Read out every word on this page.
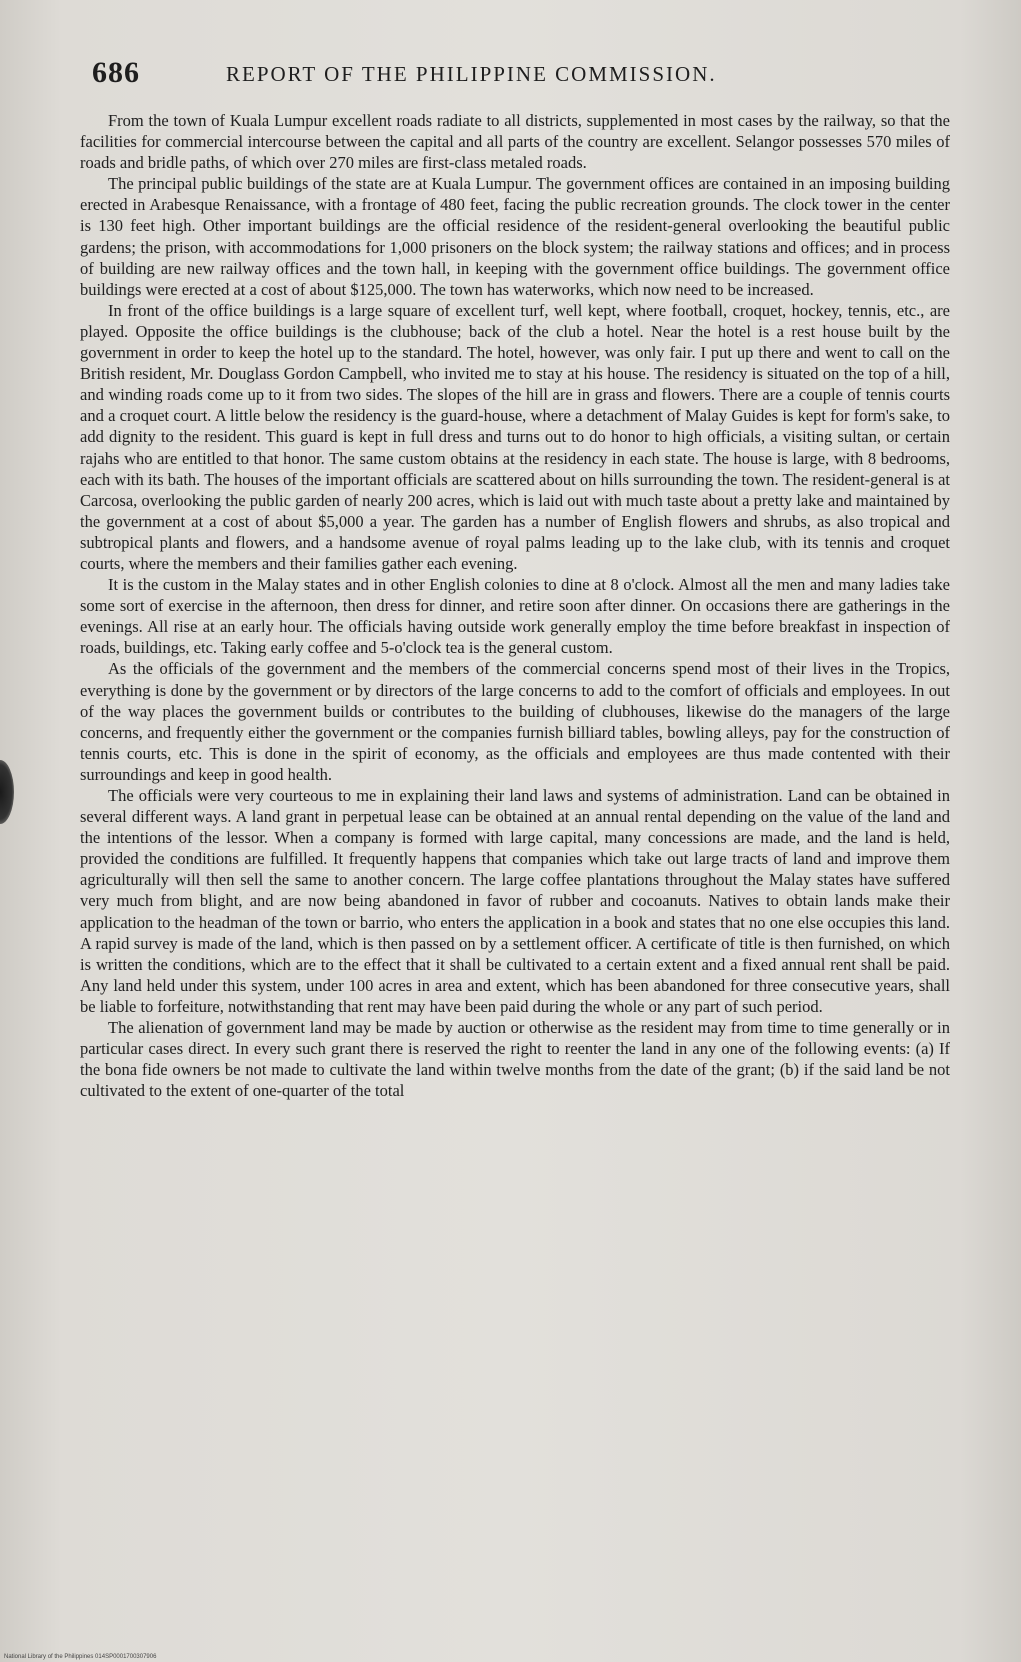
686	REPORT OF THE PHILIPPINE COMMISSION.

From the town of Kuala Lumpur excellent roads radiate to all districts, supplemented in most cases by the railway, so that the facilities for commercial intercourse between the capital and all parts of the country are excellent. Selangor possesses 570 miles of roads and bridle paths, of which over 270 miles are first-class metaled roads.

The principal public buildings of the state are at Kuala Lumpur. The government offices are contained in an imposing building erected in Arabesque Renaissance, with a frontage of 480 feet, facing the public recreation grounds. The clock tower in the center is 130 feet high. Other important buildings are the official residence of the resident-general overlooking the beautiful public gardens; the prison, with accommodations for 1,000 prisoners on the block system; the railway stations and offices; and in process of building are new railway offices and the town hall, in keeping with the government office buildings. The government office buildings were erected at a cost of about $125,000. The town has waterworks, which now need to be increased.

In front of the office buildings is a large square of excellent turf, well kept, where football, croquet, hockey, tennis, etc., are played. Opposite the office buildings is the clubhouse; back of the club a hotel. Near the hotel is a rest house built by the government in order to keep the hotel up to the standard. The hotel, however, was only fair. I put up there and went to call on the British resident, Mr. Douglass Gordon Campbell, who invited me to stay at his house. The residency is situated on the top of a hill, and winding roads come up to it from two sides. The slopes of the hill are in grass and flowers. There are a couple of tennis courts and a croquet court. A little below the residency is the guard-house, where a detachment of Malay Guides is kept for form's sake, to add dignity to the resident. This guard is kept in full dress and turns out to do honor to high officials, a visiting sultan, or certain rajahs who are entitled to that honor. The same custom obtains at the residency in each state. The house is large, with 8 bedrooms, each with its bath. The houses of the important officials are scattered about on hills surrounding the town. The resident-general is at Carcosa, overlooking the public garden of nearly 200 acres, which is laid out with much taste about a pretty lake and maintained by the government at a cost of about $5,000 a year. The garden has a number of English flowers and shrubs, as also tropical and subtropical plants and flowers, and a handsome avenue of royal palms leading up to the lake club, with its tennis and croquet courts, where the members and their families gather each evening.

It is the custom in the Malay states and in other English colonies to dine at 8 o'clock. Almost all the men and many ladies take some sort of exercise in the afternoon, then dress for dinner, and retire soon after dinner. On occasions there are gatherings in the evenings. All rise at an early hour. The officials having outside work generally employ the time before breakfast in inspection of roads, buildings, etc. Taking early coffee and 5-o'clock tea is the general custom.

As the officials of the government and the members of the commercial concerns spend most of their lives in the Tropics, everything is done by the government or by directors of the large concerns to add to the comfort of officials and employees. In out of the way places the government builds or contributes to the building of clubhouses, likewise do the managers of the large concerns, and frequently either the government or the companies furnish billiard tables, bowling alleys, pay for the construction of tennis courts, etc. This is done in the spirit of economy, as the officials and employees are thus made contented with their surroundings and keep in good health.

The officials were very courteous to me in explaining their land laws and systems of administration. Land can be obtained in several different ways. A land grant in perpetual lease can be obtained at an annual rental depending on the value of the land and the intentions of the lessor. When a company is formed with large capital, many concessions are made, and the land is held, provided the conditions are fulfilled. It frequently happens that companies which take out large tracts of land and improve them agriculturally will then sell the same to another concern. The large coffee plantations throughout the Malay states have suffered very much from blight, and are now being abandoned in favor of rubber and cocoanuts. Natives to obtain lands make their application to the headman of the town or barrio, who enters the application in a book and states that no one else occupies this land. A rapid survey is made of the land, which is then passed on by a settlement officer. A certificate of title is then furnished, on which is written the conditions, which are to the effect that it shall be cultivated to a certain extent and a fixed annual rent shall be paid. Any land held under this system, under 100 acres in area and extent, which has been abandoned for three consecutive years, shall be liable to forfeiture, notwithstanding that rent may have been paid during the whole or any part of such period.

The alienation of government land may be made by auction or otherwise as the resident may from time to time generally or in particular cases direct. In every such grant there is reserved the right to reenter the land in any one of the following events: (a) If the bona fide owners be not made to cultivate the land within twelve months from the date of the grant; (b) if the said land be not cultivated to the extent of one-quarter of the total

National Library of the Philippines 014SP0001700307906
